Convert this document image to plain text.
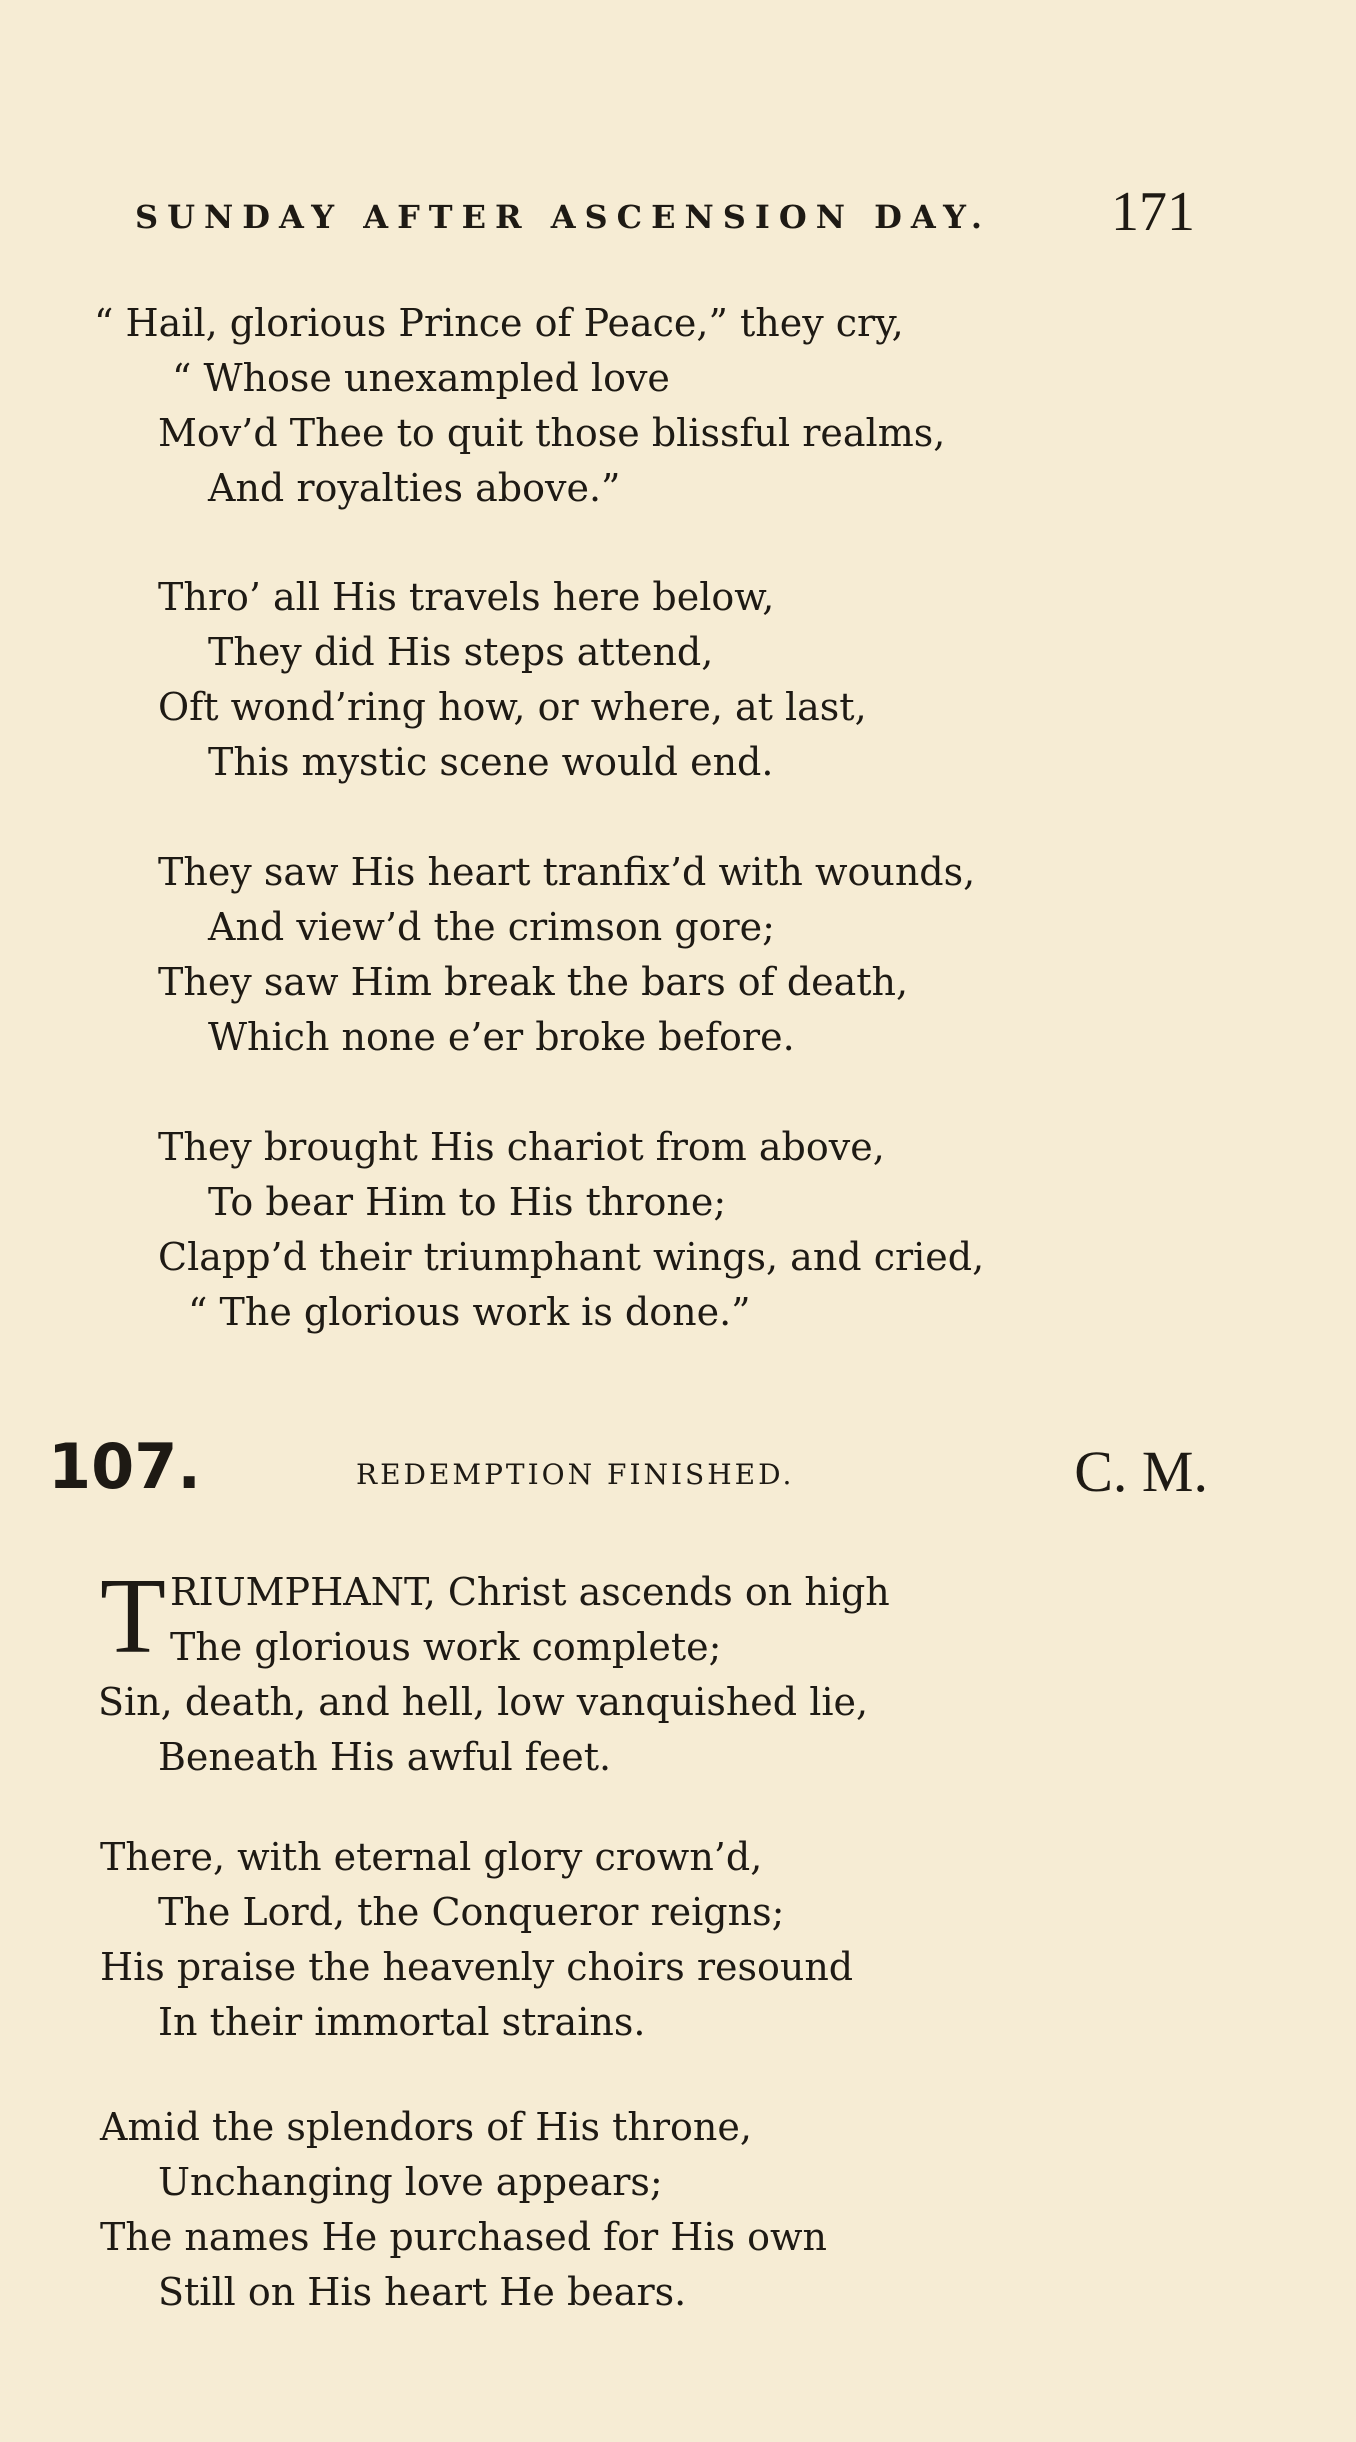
SUNDAY AFTER ASCENSION DAY. 171
“ Hail, glorious Prince of Peace,” they cry,
“ Whose unexampled love
Mov’d Thee to quit those blissful realms,
And royalties above.”
Thro’ all His travels here below,
They did His steps attend,
Oft wond’ring how, or where, at last,
This mystic scene would end.
They saw His heart tranfix’d with wounds,
And view’d the crimson gore;
They saw Him break the bars of death,
Which none e’er broke before.
They brought His chariot from above,
To bear Him to His throne;
Clapp’d their triumphant wings, and cried,
“ The glorious work is done.”
107.	REDEMPTION FINISHED.	C. M.
T RIUMPHANT, Christ ascends on high
The glorious work complete;
Sin, death, and hell, low vanquished lie,
Beneath His awful feet.
There, with eternal glory crown’d,
The Lord, the Conqueror reigns;
His praise the heavenly choirs resound
In their immortal strains.
Amid the splendors of His throne,
Unchanging love appears;
The names He purchased for His own
Still on His heart He bears.
